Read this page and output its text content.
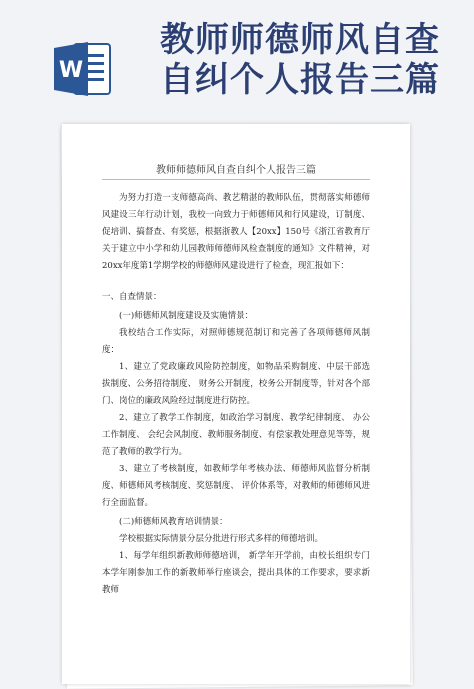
W
教师师德师风自查
自纠个人报告三篇
教师师德师风自查自纠个人报告三篇

为努力打造一支师德高尚、教艺精湛的教师队伍，贯彻落实师德师风建设三年行动计划，我校一向致力于师德师风和行风建设，订制度、促培训、搞督查、有奖惩，根据浙教人【20xx】150号《浙江省教育厅关于建立中小学和幼儿园教师师德师风检查制度的通知》文件精神，对20xx年度第1学期学校的师德师风建设进行了检查，现汇报如下：

一、自查情景：

(一)师德师风制度建设及实施情景：

我校结合工作实际，对照师德规范制订和完善了各项师德师风制度：

1、建立了党政廉政风险防控制度，如物品采购制度、中层干部选拔制度、公务招待制度、 财务公开制度，校务公开制度等，针对各个部门、岗位的廉政风险经过制度进行防控。

2、建立了教学工作制度，如政治学习制度、教学纪律制度、 办公工作制度、 会纪会风制度、教师服务制度、有偿家教处理意见等等，规范了教师的教学行为。

3、建立了考核制度，如教师学年考核办法、师德师风监督分析制度、师德师风考核制度、奖惩制度、 评价体系等，对教师的师德师风进行全面监督。

(二)师德师风教育培训情景：

学校根据实际情景分层分批进行形式多样的师德培训。

1、每学年组织新教师师德培训， 新学年开学前，由校长组织专门本学年刚参加工作的新教师举行座谈会，提出具体的工作要求，要求新教师
